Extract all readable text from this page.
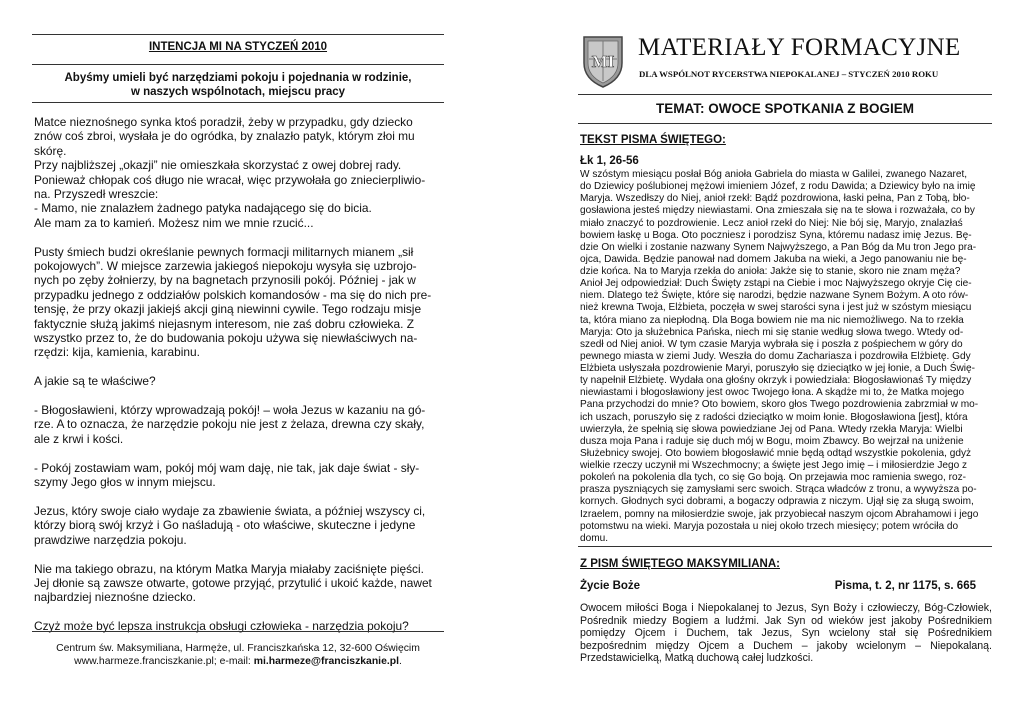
INTENCJA MI NA STYCZEŃ 2010
Abyśmy umieli być narzędziami pokoju i pojednania w rodzinie,
w naszych wspólnotach, miejscu pracy

Matce nieznośnego synka ktoś poradził, żeby w przypadku, gdy dziecko
znów coś zbroi, wysłała je do ogródka, by znalazło patyk, którym złoi mu
skórę.
Przy najbliższej „okazji” nie omieszkała skorzystać z owej dobrej rady.
Ponieważ chłopak coś długo nie wracał, więc przywołała go zniecierpliwio-
na. Przyszedł wreszcie:
- Mamo, nie znalazłem żadnego patyka nadającego się do bicia.
Ale mam za to kamień. Możesz nim we mnie rzucić...

Pusty śmiech budzi określanie pewnych formacji militarnych mianem „sił
pokojowych”. W miejsce zarzewia jakiegoś niepokoju wysyła się uzbrojo-
nych po zęby żołnierzy, by na bagnetach przynosili pokój. Później - jak w
przypadku jednego z oddziałów polskich komandosów - ma się do nich pre-
tensję, że przy okazji jakiejś akcji giną niewinni cywile. Tego rodzaju misje
faktycznie służą jakimś niejasnym interesom, nie zaś dobru człowieka. Z
wszystko przez to, że do budowania pokoju używa się niewłaściwych na-
rzędzi: kija, kamienia, karabinu.

A jakie są te właściwe?

- Błogosławieni, którzy wprowadzają pokój! – woła Jezus w kazaniu na gó-
rze. A to oznacza, że narzędzie pokoju nie jest z żelaza, drewna czy skały,
ale z krwi i kości.

- Pokój zostawiam wam, pokój mój wam daję, nie tak, jak daje świat - sły-
szymy Jego głos w innym miejscu.

Jezus, który swoje ciało wydaje za zbawienie świata, a później wszyscy ci,
którzy biorą swój krzyż i Go naśladują - oto właściwe, skuteczne i jedyne
prawdziwe narzędzia pokoju.

Nie ma takiego obrazu, na którym Matka Maryja miałaby zaciśnięte pięści.
Jej dłonie są zawsze otwarte, gotowe przyjąć, przytulić i ukoić każde, nawet
najbardziej nieznośne dziecko.

Czyż może być lepsza instrukcja obsługi człowieka - narzędzia pokoju?

Centrum św. Maksymiliana, Harmęże, ul. Franciszkańska 12, 32-600 Oświęcim
www.harmeze.franciszkanie.pl; e-mail: mi.harmeze@franciszkanie.pl.
MI
MATERIAŁY FORMACYJNE
DLA WSPÓLNOT RYCERSTWA NIEPOKALANEJ – STYCZEŃ 2010 ROKU
TEMAT: OWOCE SPOTKANIA Z BOGIEM
TEKST PISMA ŚWIĘTEGO:
Łk 1, 26-56
W szóstym miesiącu posłał Bóg anioła Gabriela do miasta w Galilei, zwanego Nazaret,
do Dziewicy poślubionej mężowi imieniem Józef, z rodu Dawida; a Dziewicy było na imię
Maryja. Wszedłszy do Niej, anioł rzekł: Bądź pozdrowiona, łaski pełna, Pan z Tobą, bło-
gosławiona jesteś między niewiastami. Ona zmieszała się na te słowa i rozważała, co by
miało znaczyć to pozdrowienie. Lecz anioł rzekł do Niej: Nie bój się, Maryjo, znalazłaś
bowiem łaskę u Boga. Oto poczniesz i porodzisz Syna, któremu nadasz imię Jezus. Bę-
dzie On wielki i zostanie nazwany Synem Najwyższego, a Pan Bóg da Mu tron Jego pra-
ojca, Dawida. Będzie panował nad domem Jakuba na wieki, a Jego panowaniu nie bę-
dzie końca. Na to Maryja rzekła do anioła: Jakże się to stanie, skoro nie znam męża?
Anioł Jej odpowiedział: Duch Święty zstąpi na Ciebie i moc Najwyższego okryje Cię cie-
niem. Dlatego też Święte, które się narodzi, będzie nazwane Synem Bożym. A oto rów-
nież krewna Twoja, Elżbieta, poczęła w swej starości syna i jest już w szóstym miesiącu
ta, która miano za niepłodną. Dla Boga bowiem nie ma nic niemożliwego. Na to rzekła
Maryja: Oto ja służebnica Pańska, niech mi się stanie według słowa twego. Wtedy od-
szedł od Niej anioł. W tym czasie Maryja wybrała się i poszła z pośpiechem w góry do
pewnego miasta w ziemi Judy. Weszła do domu Zachariasza i pozdrowiła Elżbietę. Gdy
Elżbieta usłyszała pozdrowienie Maryi, poruszyło się dzieciątko w jej łonie, a Duch Świę-
ty napełnił Elżbietę. Wydała ona głośny okrzyk i powiedziała: Błogosławionaś Ty między
niewiastami i błogosławiony jest owoc Twojego łona. A skądże mi to, że Matka mojego
Pana przychodzi do mnie? Oto bowiem, skoro głos Twego pozdrowienia zabrzmiał w mo-
ich uszach, poruszyło się z radości dzieciątko w moim łonie. Błogosławiona [jest], która
uwierzyła, że spełnią się słowa powiedziane Jej od Pana. Wtedy rzekła Maryja: Wielbi
dusza moja Pana i raduje się duch mój w Bogu, moim Zbawcy. Bo wejrzał na uniżenie
Służebnicy swojej. Oto bowiem błogosławić mnie będą odtąd wszystkie pokolenia, gdyż
wielkie rzeczy uczynił mi Wszechmocny; a święte jest Jego imię – i miłosierdzie Jego z
pokoleń na pokolenia dla tych, co się Go boją. On przejawia moc ramienia swego, roz-
prasza pyszniących się zamysłami serc swoich. Strąca władców z tronu, a wywyższa po-
kornych. Głodnych syci dobrami, a bogaczy odprawia z niczym. Ujął się za sługą swoim,
Izraelem, pomny na miłosierdzie swoje, jak przyobiecał naszym ojcom Abrahamowi i jego
potomstwu na wieki. Maryja pozostała u niej około trzech miesięcy; potem wróciła do
domu.
Z PISM ŚWIĘTEGO MAKSYMILIANA:
Życie Boże	Pisma, t. 2, nr 1175, s. 665
Owocem miłości Boga i Niepokalanej to Jezus, Syn Boży i człowieczy, Bóg-Człowiek, Pośrednik miedzy Bogiem a ludźmi. Jak Syn od wieków jest jakoby Pośrednikiem pomiędzy Ojcem i Duchem, tak Jezus, Syn wcielony stał się Pośrednikiem bezpośrednim między Ojcem a Duchem – jakoby wcielonym – Niepokalaną. Przedstawicielką, Matką duchową całej ludzkości.
